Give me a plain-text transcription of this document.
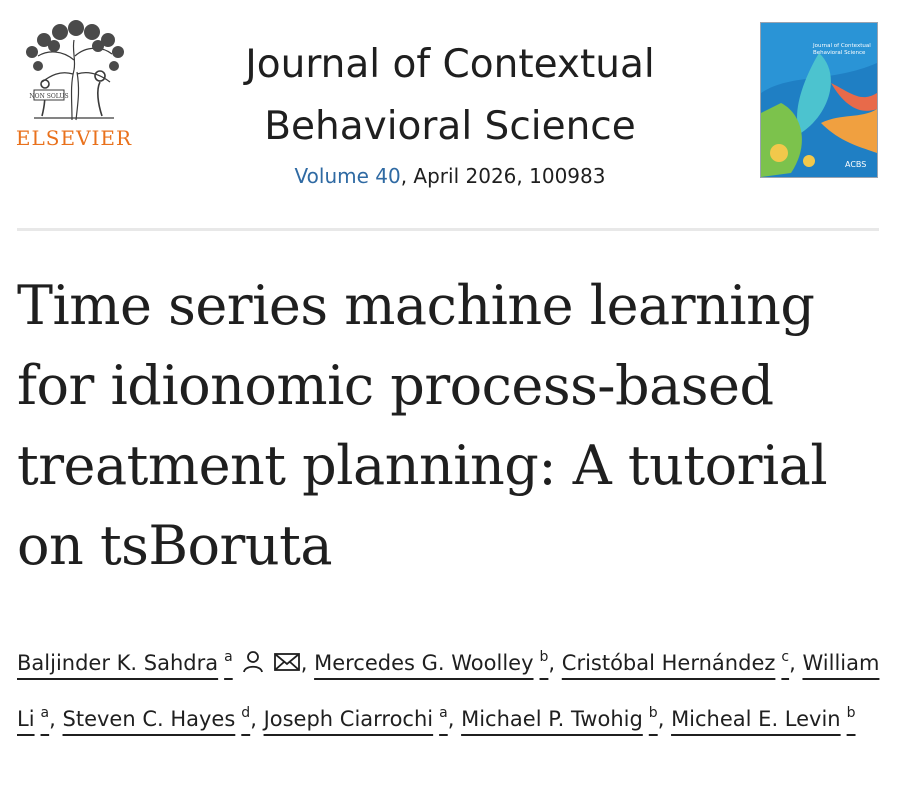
NON SOLUS
ELSEVIER
Journal of Contextual
Behavioral Science
Volume 40, April 2026, 100983
Journal of Contextual
Behavioral Science
ACBS
Time series machine learning for idionomic process-based treatment planning: A tutorial on tsBoruta
Baljinder K. Sahdra $^a$	, Mercedes G. Woolley $^b$, Cristóbal Hernández $^c$, William Li $^a$, Steven C. Hayes $^d$, Joseph Ciarrochi $^a$, Michael P. Twohig $^b$, Micheal E. Levin $^b$
